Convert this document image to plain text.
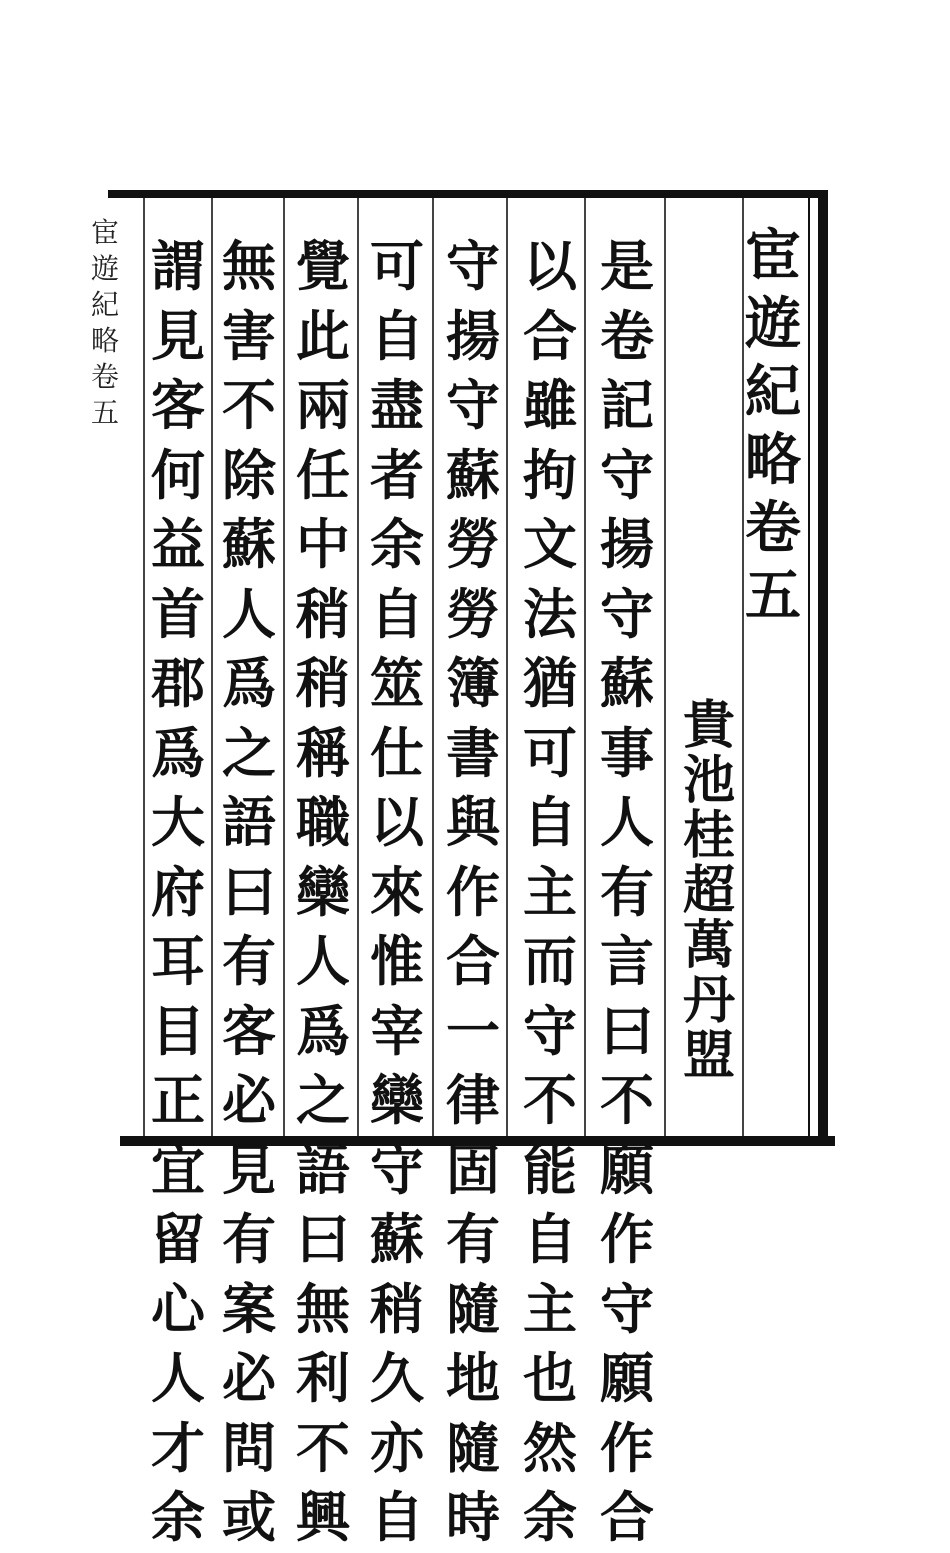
宦
遊
紀
略
卷
五
宦
遊
紀
略
卷
五
貴
池
桂
超
萬
丹
盟
是
卷
記
守
揚
守
蘇
事
人
有
言
曰
不
願
作
守
願
作
合
以
合
雖
拘
文
法
猶
可
自
主
而
守
不
能
自
主
也
然
余
守
揚
守
蘇
勞
勞
簿
書
與
作
合
一
律
固
有
隨
地
隨
時
可
自
盡
者
余
自
筮
仕
以
來
惟
宰
欒
守
蘇
稍
久
亦
自
覺
此
兩
任
中
稍
稍
稱
職
欒
人
爲
之
語
曰
無
利
不
興
無
害
不
除
蘇
人
爲
之
語
曰
有
客
必
見
有
案
必
問
或
謂
見
客
何
益
首
郡
爲
大
府
耳
目
正
宜
留
心
人
才
余
